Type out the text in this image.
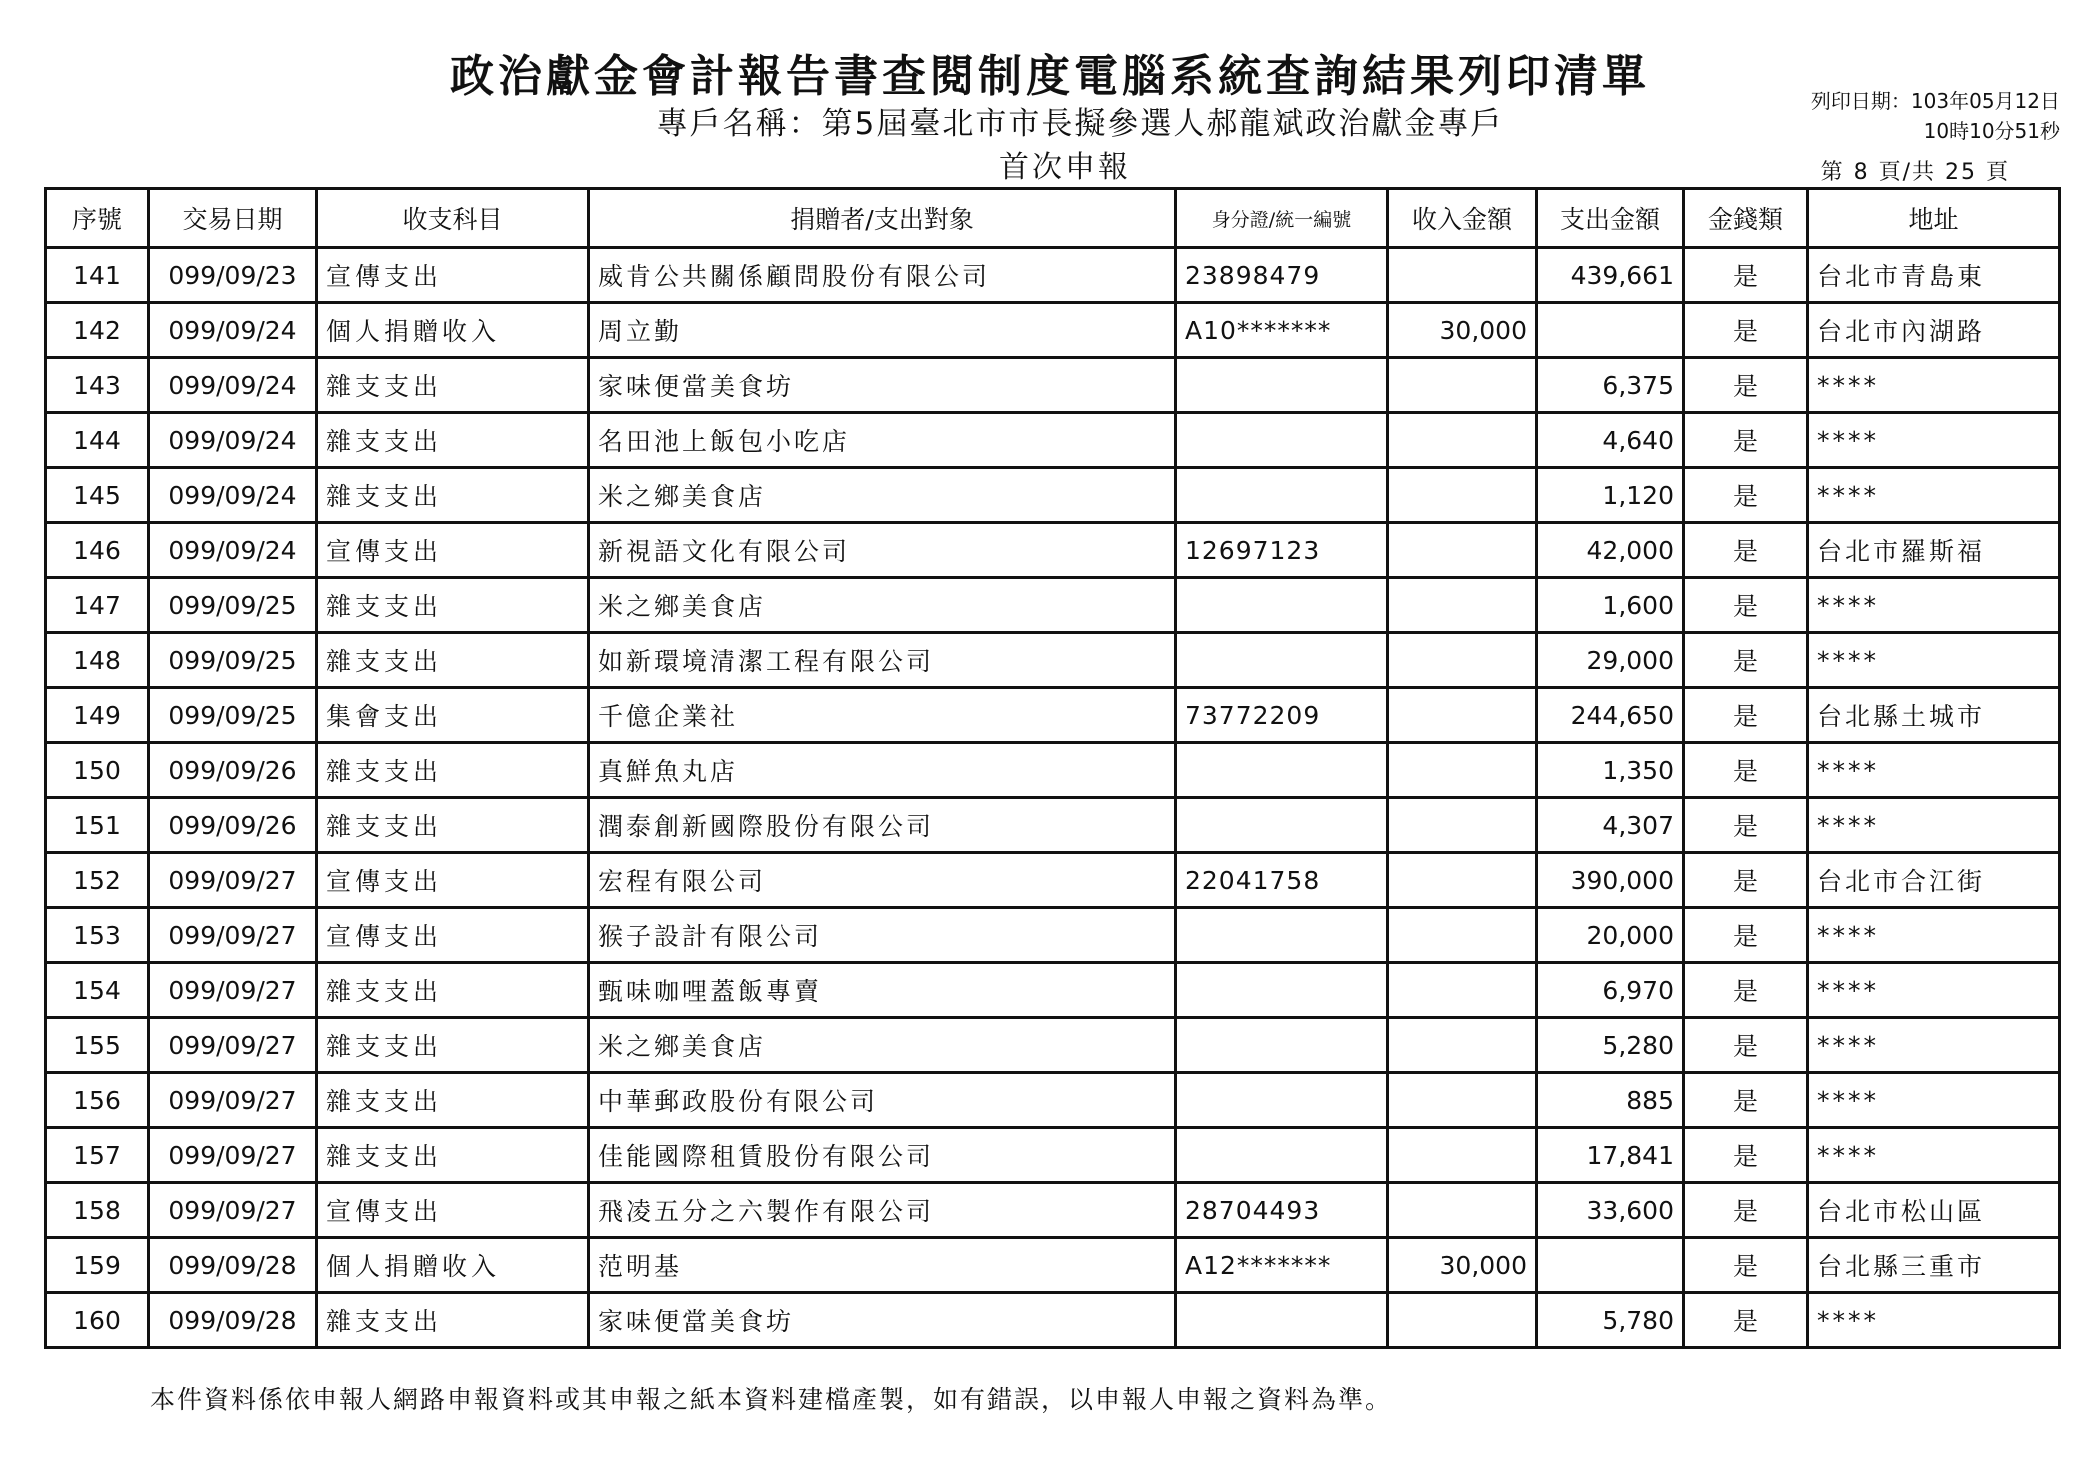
政治獻金會計報告書查閱制度電腦系統查詢結果列印清單
專戶名稱：第5屆臺北市市長擬參選人郝龍斌政治獻金專戶
首次申報
列印日期：103年05月12日
10時10分51秒
第 8 頁/共 25 頁
序號	交易日期	收支科目	捐贈者/支出對象	身分證/統一編號	收入金額	支出金額	金錢類	地址
141	099/09/23	宣傳支出	威肯公共關係顧問股份有限公司	23898479		439,661	是	台北市青島東
142	099/09/24	個人捐贈收入	周立勤	A10*******	30,000		是	台北市內湖路
143	099/09/24	雜支支出	家味便當美食坊			6,375	是	****
144	099/09/24	雜支支出	名田池上飯包小吃店			4,640	是	****
145	099/09/24	雜支支出	米之鄉美食店			1,120	是	****
146	099/09/24	宣傳支出	新視語文化有限公司	12697123		42,000	是	台北市羅斯福
147	099/09/25	雜支支出	米之鄉美食店			1,600	是	****
148	099/09/25	雜支支出	如新環境清潔工程有限公司			29,000	是	****
149	099/09/25	集會支出	千億企業社	73772209		244,650	是	台北縣土城市
150	099/09/26	雜支支出	真鮮魚丸店			1,350	是	****
151	099/09/26	雜支支出	潤泰創新國際股份有限公司			4,307	是	****
152	099/09/27	宣傳支出	宏程有限公司	22041758		390,000	是	台北市合江街
153	099/09/27	宣傳支出	猴子設計有限公司			20,000	是	****
154	099/09/27	雜支支出	甄味咖哩蓋飯專賣			6,970	是	****
155	099/09/27	雜支支出	米之鄉美食店			5,280	是	****
156	099/09/27	雜支支出	中華郵政股份有限公司			885	是	****
157	099/09/27	雜支支出	佳能國際租賃股份有限公司			17,841	是	****
158	099/09/27	宣傳支出	飛凌五分之六製作有限公司	28704493		33,600	是	台北市松山區
159	099/09/28	個人捐贈收入	范明基	A12*******	30,000		是	台北縣三重市
160	099/09/28	雜支支出	家味便當美食坊			5,780	是	****
本件資料係依申報人網路申報資料或其申報之紙本資料建檔產製，如有錯誤，以申報人申報之資料為準。
